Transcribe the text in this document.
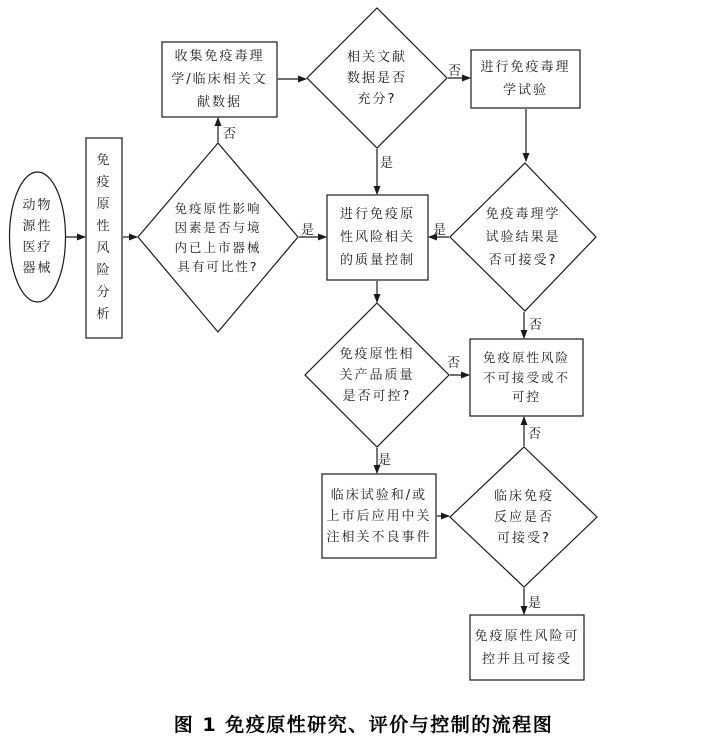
动物
源性
医疗
器械
免
疫
原
性
风
险
分
析
收集免疫毒理
学/临床相关文
献数据
相关文献
数据是否
充分?
进行免疫毒理
学试验
免疫原性影响
因素是否与境
内已上市器械
具有可比性?
进行免疫原
性风险相关
的质量控制
免疫毒理学
试验结果是
否可接受?
免疫原性相
关产品质量
是否可控?
免疫原性风险
不可接受或不
可控
临床试验和/或
上市后应用中关
注相关不良事件
临床免疫
反应是否
可接受?
免疫原性风险可
控并且可接受
否
是
否
是
是
否
否
是
否
是
图 1 免疫原性研究、评价与控制的流程图
